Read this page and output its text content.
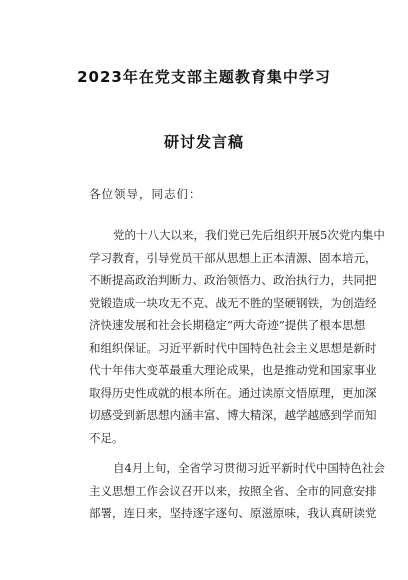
2023年在党支部主题教育集中学习
研讨发言稿
各位领导，同志们：
党的十八大以来，我们党已先后组织开展5次党内集中
学习教育，引导党员干部从思想上正本清源、固本培元，
不断提高政治判断力、政治领悟力、政治执行力，共同把
党锻造成一块攻无不克、战无不胜的坚硬钢铁，为创造经
济快速发展和社会长期稳定“两大奇迹”提供了根本思想
和组织保证。习近平新时代中国特色社会主义思想是新时
代十年伟大变革最重大理论成果，也是推动党和国家事业
取得历史性成就的根本所在。通过读原文悟原理，更加深
切感受到新思想内涵丰富、博大精深，越学越感到学而知
不足。
自4月上旬，全省学习贯彻习近平新时代中国特色社会
主义思想工作会议召开以来，按照全省、全市的同意安排
部署，连日来，坚持逐字逐句、原滋原味，我认真研读党
